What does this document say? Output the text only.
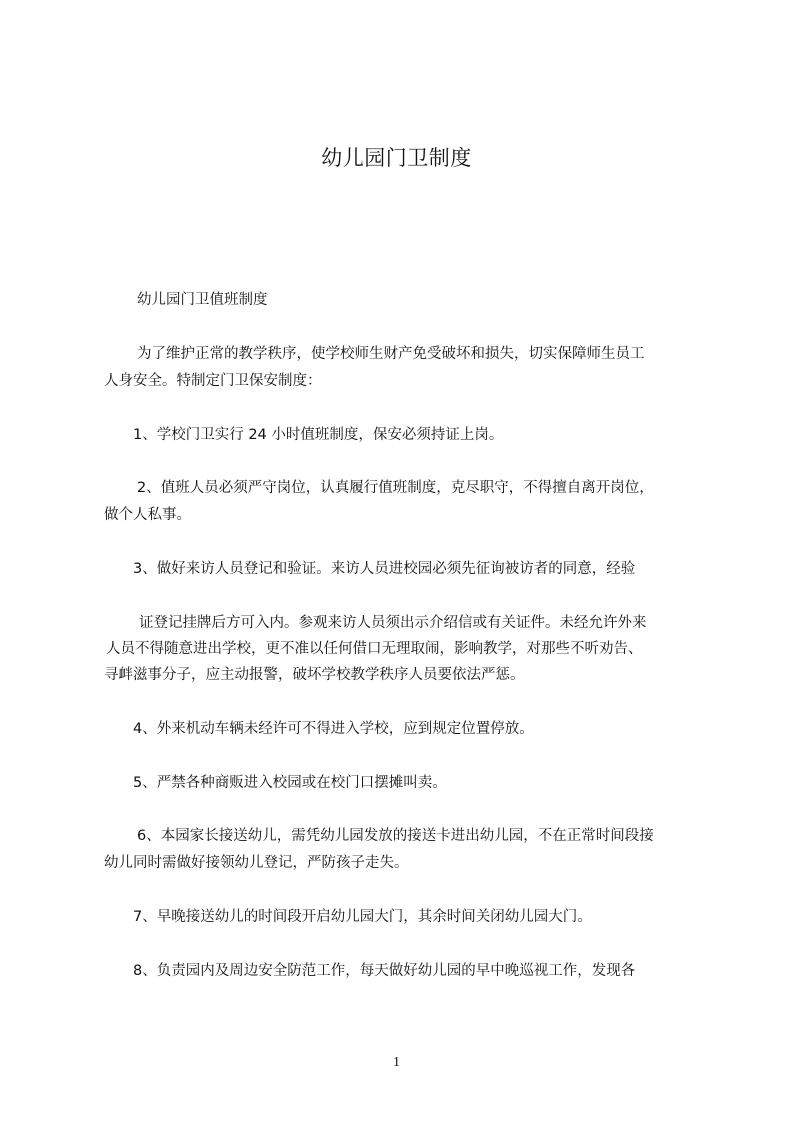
幼儿园门卫制度

幼儿园门卫值班制度

为了维护正常的教学秩序，使学校师生财产免受破坏和损失，切实保障师生员工

人身安全。特制定门卫保安制度：

1、学校门卫实行 24 小时值班制度，保安必须持证上岗。

2、值班人员必须严守岗位，认真履行值班制度，克尽职守，不得擅自离开岗位，

做个人私事。

3、做好来访人员登记和验证。来访人员进校园必须先征询被访者的同意，经验

证登记挂牌后方可入内。参观来访人员须出示介绍信或有关证件。未经允许外来

人员不得随意进出学校，更不准以任何借口无理取闹，影响教学，对那些不听劝告、

寻衅滋事分子，应主动报警，破坏学校教学秩序人员要依法严惩。

4、外来机动车辆未经许可不得进入学校，应到规定位置停放。

5、严禁各种商贩进入校园或在校门口摆摊叫卖。

6、本园家长接送幼儿，需凭幼儿园发放的接送卡进出幼儿园，不在正常时间段接

幼儿同时需做好接领幼儿登记，严防孩子走失。

7、早晚接送幼儿的时间段开启幼儿园大门，其余时间关闭幼儿园大门。

8、负责园内及周边安全防范工作，每天做好幼儿园的早中晚巡视工作，发现各

1
